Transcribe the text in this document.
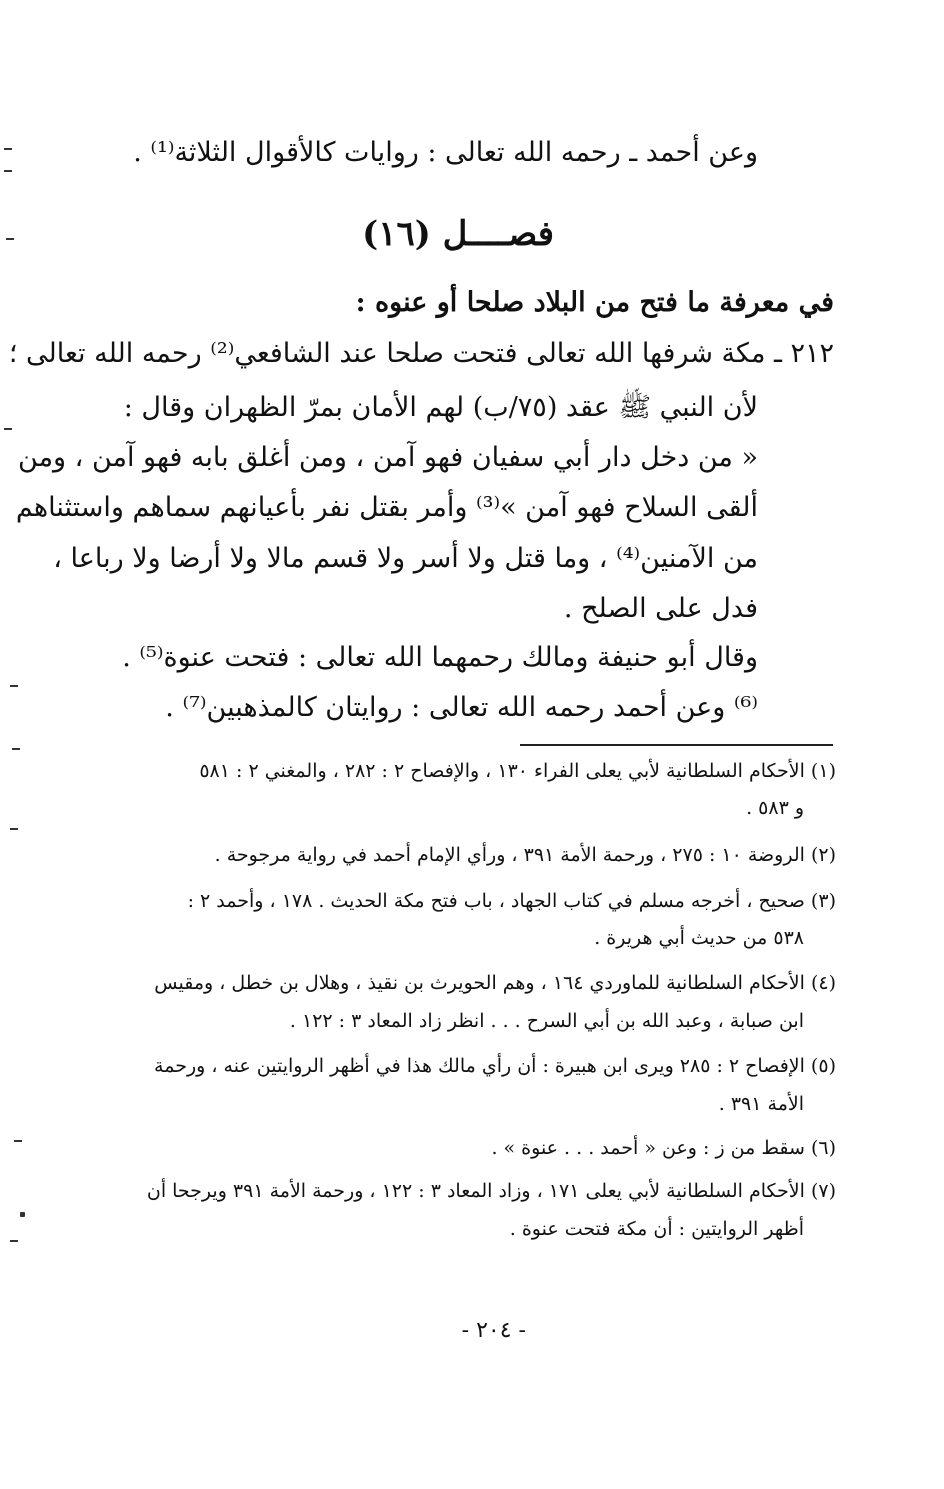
وعن أحمد ـ رحمه الله تعالى : روايات كالأقوال الثلاثة⁽¹⁾ .
فصــــل (١٦)
في معرفة ما فتح من البلاد صلحا أو عنوه :
٢١٢ ـ مكة شرفها الله تعالى فتحت صلحا عند الشافعي⁽²⁾ رحمه الله تعالى ؛
لأن النبي ﷺ عقد (٧٥/ب) لهم الأمان بمرّ الظهران وقال :
« من دخل دار أبي سفيان فهو آمن ، ومن أغلق بابه فهو آمن ، ومن
ألقى السلاح فهو آمن »⁽³⁾ وأمر بقتل نفر بأعيانهم سماهم واستثناهم
من الآمنين⁽⁴⁾ ، وما قتل ولا أسر ولا قسم مالا ولا أرضا ولا رباعا ،
فدل على الصلح .
وقال أبو حنيفة ومالك رحمهما الله تعالى : فتحت عنوة⁽⁵⁾ .
⁽⁶⁾ وعن أحمد رحمه الله تعالى : روايتان كالمذهبين⁽⁷⁾ .
(١) الأحكام السلطانية لأبي يعلى الفراء ١٣٠ ، والإفصاح ٢ : ٢٨٢ ، والمغني ٢ : ٥٨١
و ٥٨٣ .
(٢) الروضة ١٠ : ٢٧٥ ، ورحمة الأمة ٣٩١ ، ورأي الإمام أحمد في رواية مرجوحة .
(٣) صحيح ، أخرجه مسلم في كتاب الجهاد ، باب فتح مكة الحديث . ١٧٨ ، وأحمد ٢ :
٥٣٨ من حديث أبي هريرة .
(٤) الأحكام السلطانية للماوردي ١٦٤ ، وهم الحويرث بن نقيذ ، وهلال بن خطل ، ومقيس
ابن صبابة ، وعبد الله بن أبي السرح . . . انظر زاد المعاد ٣ : ١٢٢ .
(٥) الإفصاح ٢ : ٢٨٥ ويرى ابن هبيرة : أن رأي مالك هذا في أظهر الروايتين عنه ، ورحمة
الأمة ٣٩١ .
(٦) سقط من ز : وعن « أحمد . . . عنوة » .
(٧) الأحكام السلطانية لأبي يعلى ١٧١ ، وزاد المعاد ٣ : ١٢٢ ، ورحمة الأمة ٣٩١ ويرجحا أن
أظهر الروايتين : أن مكة فتحت عنوة .
- ٢٠٤ -
